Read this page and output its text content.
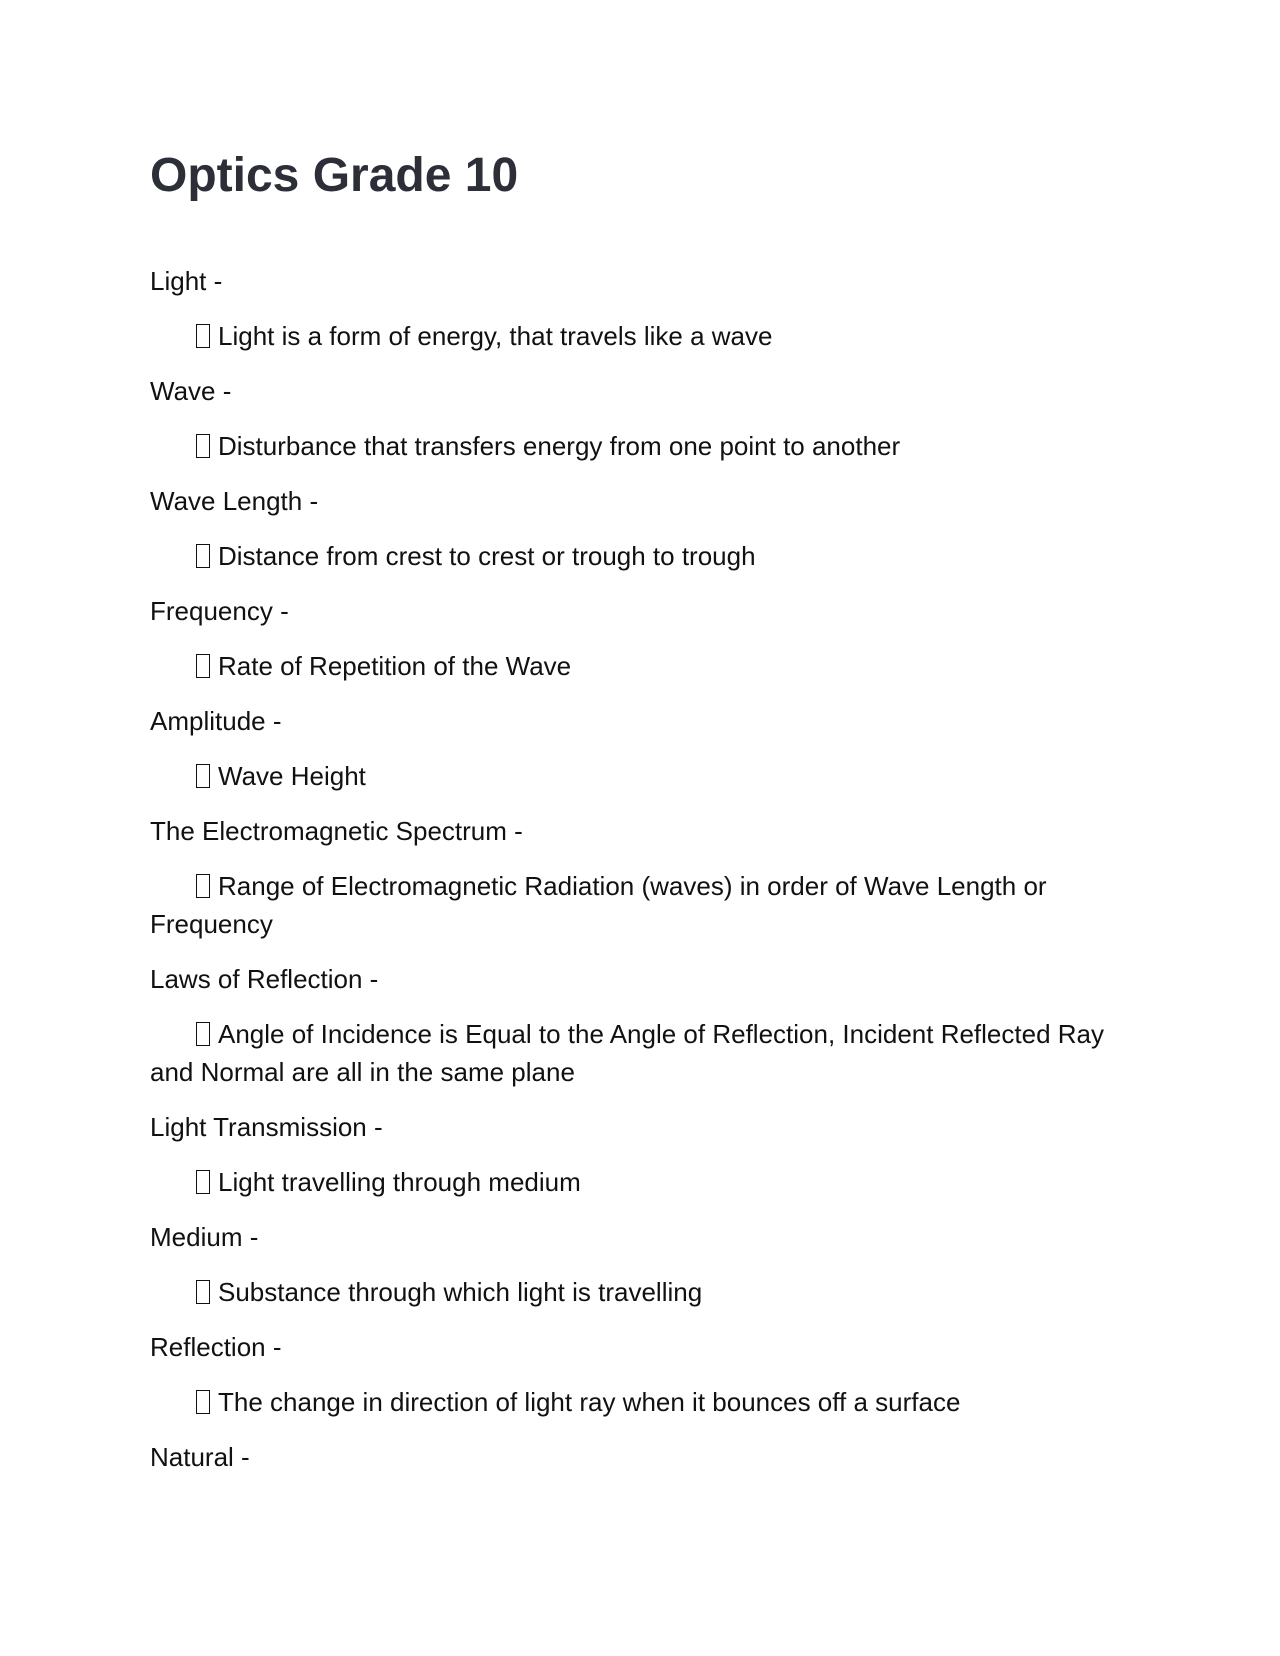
Optics Grade 10

Light -

Light is a form of energy, that travels like a wave

Wave -

Disturbance that transfers energy from one point to another

Wave Length -

Distance from crest to crest or trough to trough

Frequency -

Rate of Repetition of the Wave

Amplitude -

Wave Height

The Electromagnetic Spectrum -

Range of Electromagnetic Radiation (waves) in order of Wave Length or Frequency

Laws of Reflection -

Angle of Incidence is Equal to the Angle of Reflection, Incident Reflected Ray and Normal are all in the same plane

Light Transmission -

Light travelling through medium

Medium -

Substance through which light is travelling

Reflection -

The change in direction of light ray when it bounces off a surface

Natural -
